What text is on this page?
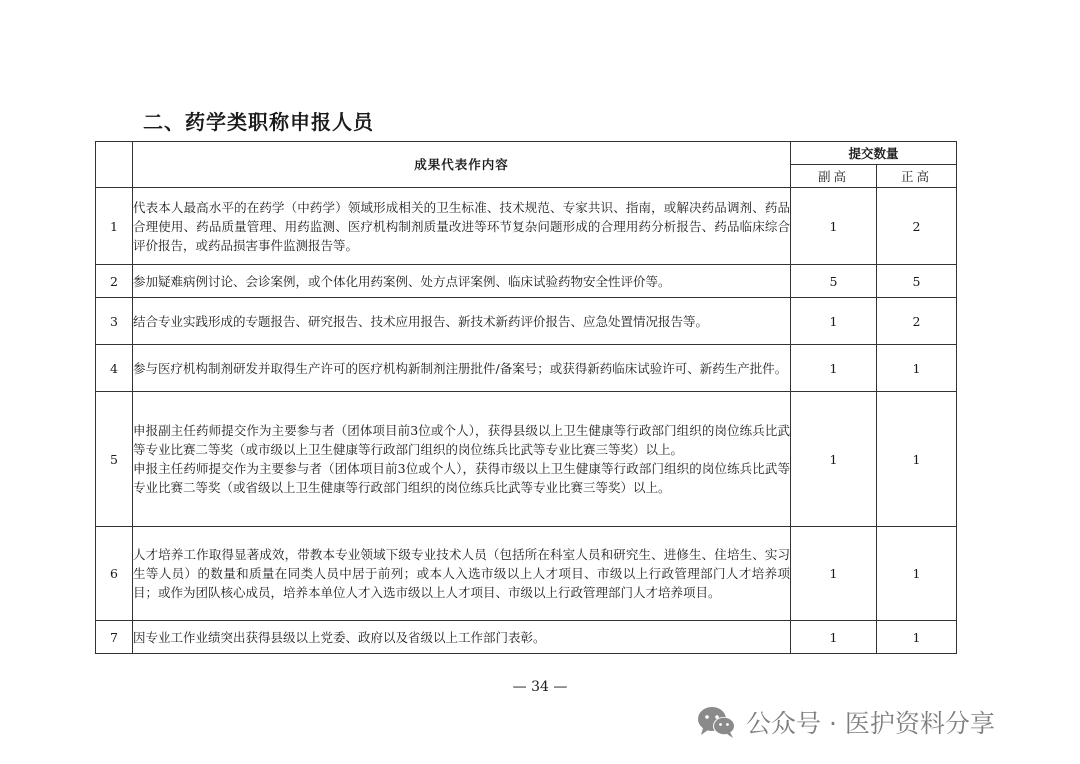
二、药学类职称申报人员
	成果代表作内容	提交数量	
		副高	正高
1	代表本人最高水平的在药学（中药学）领域形成相关的卫生标准、技术规范、专家共识、指南，或解决药品调剂、药品合理使用、药品质量管理、用药监测、医疗机构制剂质量改进等环节复杂问题形成的合理用药分析报告、药品临床综合评价报告，或药品损害事件监测报告等。	1	2
2	参加疑难病例讨论、会诊案例，或个体化用药案例、处方点评案例、临床试验药物安全性评价等。	5	5
3	结合专业实践形成的专题报告、研究报告、技术应用报告、新技术新药评价报告、应急处置情况报告等。	1	2
4	参与医疗机构制剂研发并取得生产许可的医疗机构新制剂注册批件/备案号；或获得新药临床试验许可、新药生产批件。	1	1
5	申报副主任药师提交作为主要参与者（团体项目前3位或个人），获得县级以上卫生健康等行政部门组织的岗位练兵比武等专业比赛二等奖（或市级以上卫生健康等行政部门组织的岗位练兵比武等专业比赛三等奖）以上。
申报主任药师提交作为主要参与者（团体项目前3位或个人），获得市级以上卫生健康等行政部门组织的岗位练兵比武等专业比赛二等奖（或省级以上卫生健康等行政部门组织的岗位练兵比武等专业比赛三等奖）以上。	1	1
6	人才培养工作取得显著成效，带教本专业领域下级专业技术人员（包括所在科室人员和研究生、进修生、住培生、实习生等人员）的数量和质量在同类人员中居于前列；或本人入选市级以上人才项目、市级以上行政管理部门人才培养项目；或作为团队核心成员，培养本单位人才入选市级以上人才项目、市级以上行政管理部门人才培养项目。	1	1
7	因专业工作业绩突出获得县级以上党委、政府以及省级以上工作部门表彰。	1	1
— 34 —
公众号 · 医护资料分享
